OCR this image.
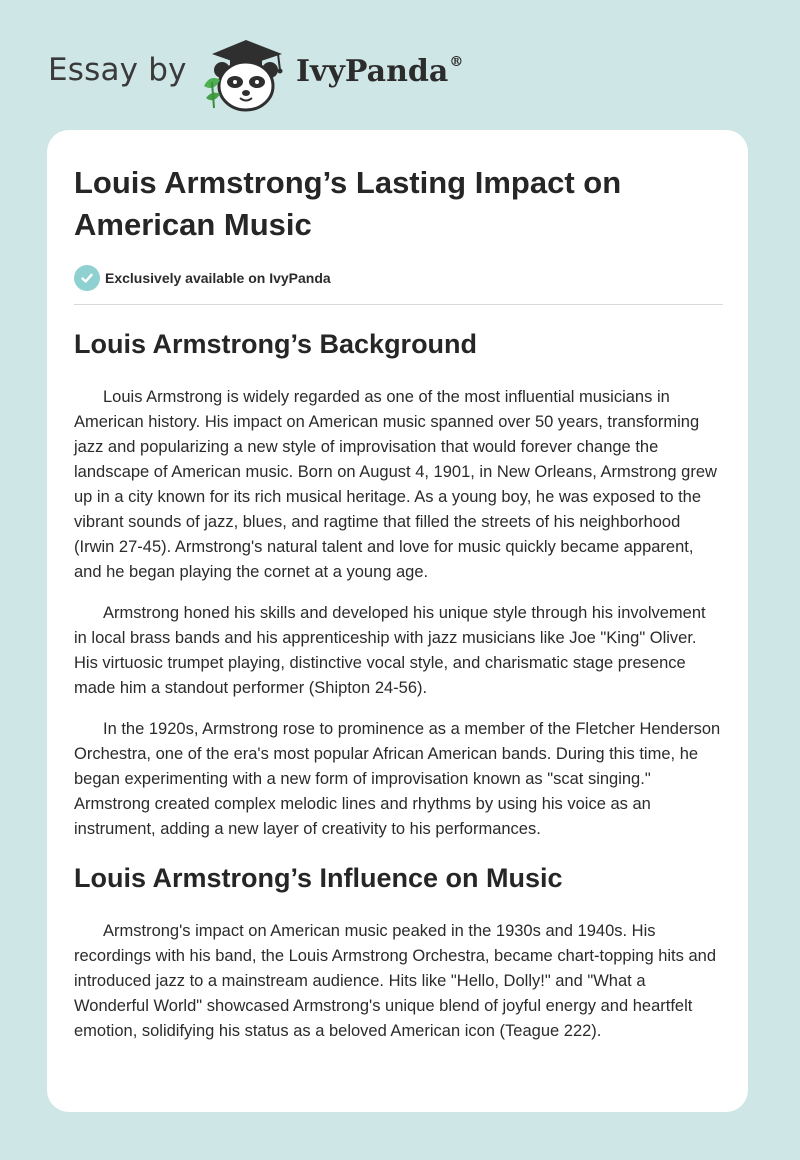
Essay by	IvyPanda®
Louis Armstrong’s Lasting Impact on American Music
Exclusively available on IvyPanda
Louis Armstrong’s Background

Louis Armstrong is widely regarded as one of the most influential musicians in American history. His impact on American music spanned over 50 years, transforming jazz and popularizing a new style of improvisation that would forever change the landscape of American music. Born on August 4, 1901, in New Orleans, Armstrong grew up in a city known for its rich musical heritage. As a young boy, he was exposed to the vibrant sounds of jazz, blues, and ragtime that filled the streets of his neighborhood (Irwin 27-45). Armstrong's natural talent and love for music quickly became apparent, and he began playing the cornet at a young age.

Armstrong honed his skills and developed his unique style through his involvement in local brass bands and his apprenticeship with jazz musicians like Joe "King" Oliver. His virtuosic trumpet playing, distinctive vocal style, and charismatic stage presence made him a standout performer (Shipton 24-56).

In the 1920s, Armstrong rose to prominence as a member of the Fletcher Henderson Orchestra, one of the era's most popular African American bands. During this time, he began experimenting with a new form of improvisation known as "scat singing." Armstrong created complex melodic lines and rhythms by using his voice as an instrument, adding a new layer of creativity to his performances.

Louis Armstrong’s Influence on Music

Armstrong's impact on American music peaked in the 1930s and 1940s. His recordings with his band, the Louis Armstrong Orchestra, became chart-topping hits and introduced jazz to a mainstream audience. Hits like "Hello, Dolly!" and "What a Wonderful World" showcased Armstrong's unique blend of joyful energy and heartfelt emotion, solidifying his status as a beloved American icon (Teague 222).
